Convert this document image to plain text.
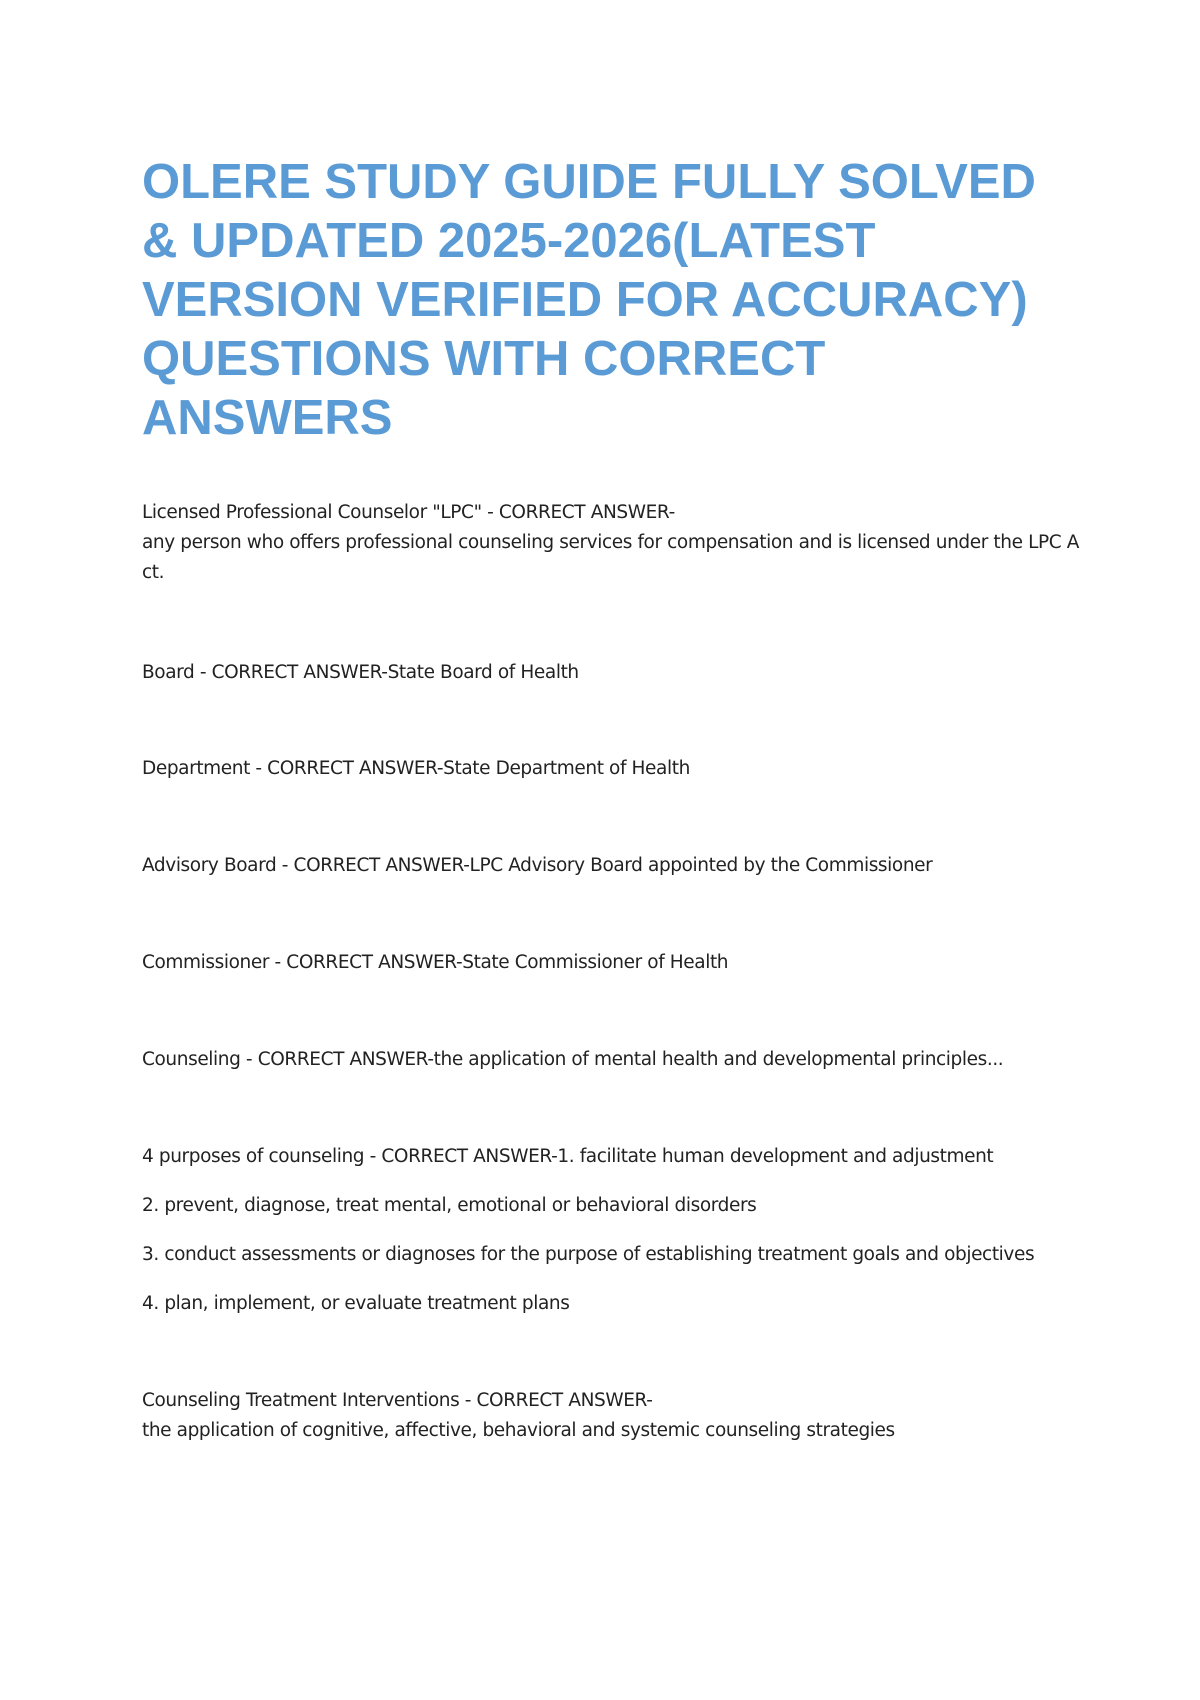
OLERE STUDY GUIDE FULLY SOLVED
& UPDATED 2025-2026(LATEST
VERSION VERIFIED FOR ACCURACY)
QUESTIONS WITH CORRECT
ANSWERS
Licensed Professional Counselor "LPC" - CORRECT ANSWER-
any person who offers professional counseling services for compensation and is licensed under the LPC A
ct.
Board - CORRECT ANSWER-State Board of Health
Department - CORRECT ANSWER-State Department of Health
Advisory Board - CORRECT ANSWER-LPC Advisory Board appointed by the Commissioner
Commissioner - CORRECT ANSWER-State Commissioner of Health
Counseling - CORRECT ANSWER-the application of mental health and developmental principles...
4 purposes of counseling - CORRECT ANSWER-1. facilitate human development and adjustment
2. prevent, diagnose, treat mental, emotional or behavioral disorders
3. conduct assessments or diagnoses for the purpose of establishing treatment goals and objectives
4. plan, implement, or evaluate treatment plans
Counseling Treatment Interventions - CORRECT ANSWER-
the application of cognitive, affective, behavioral and systemic counseling strategies
